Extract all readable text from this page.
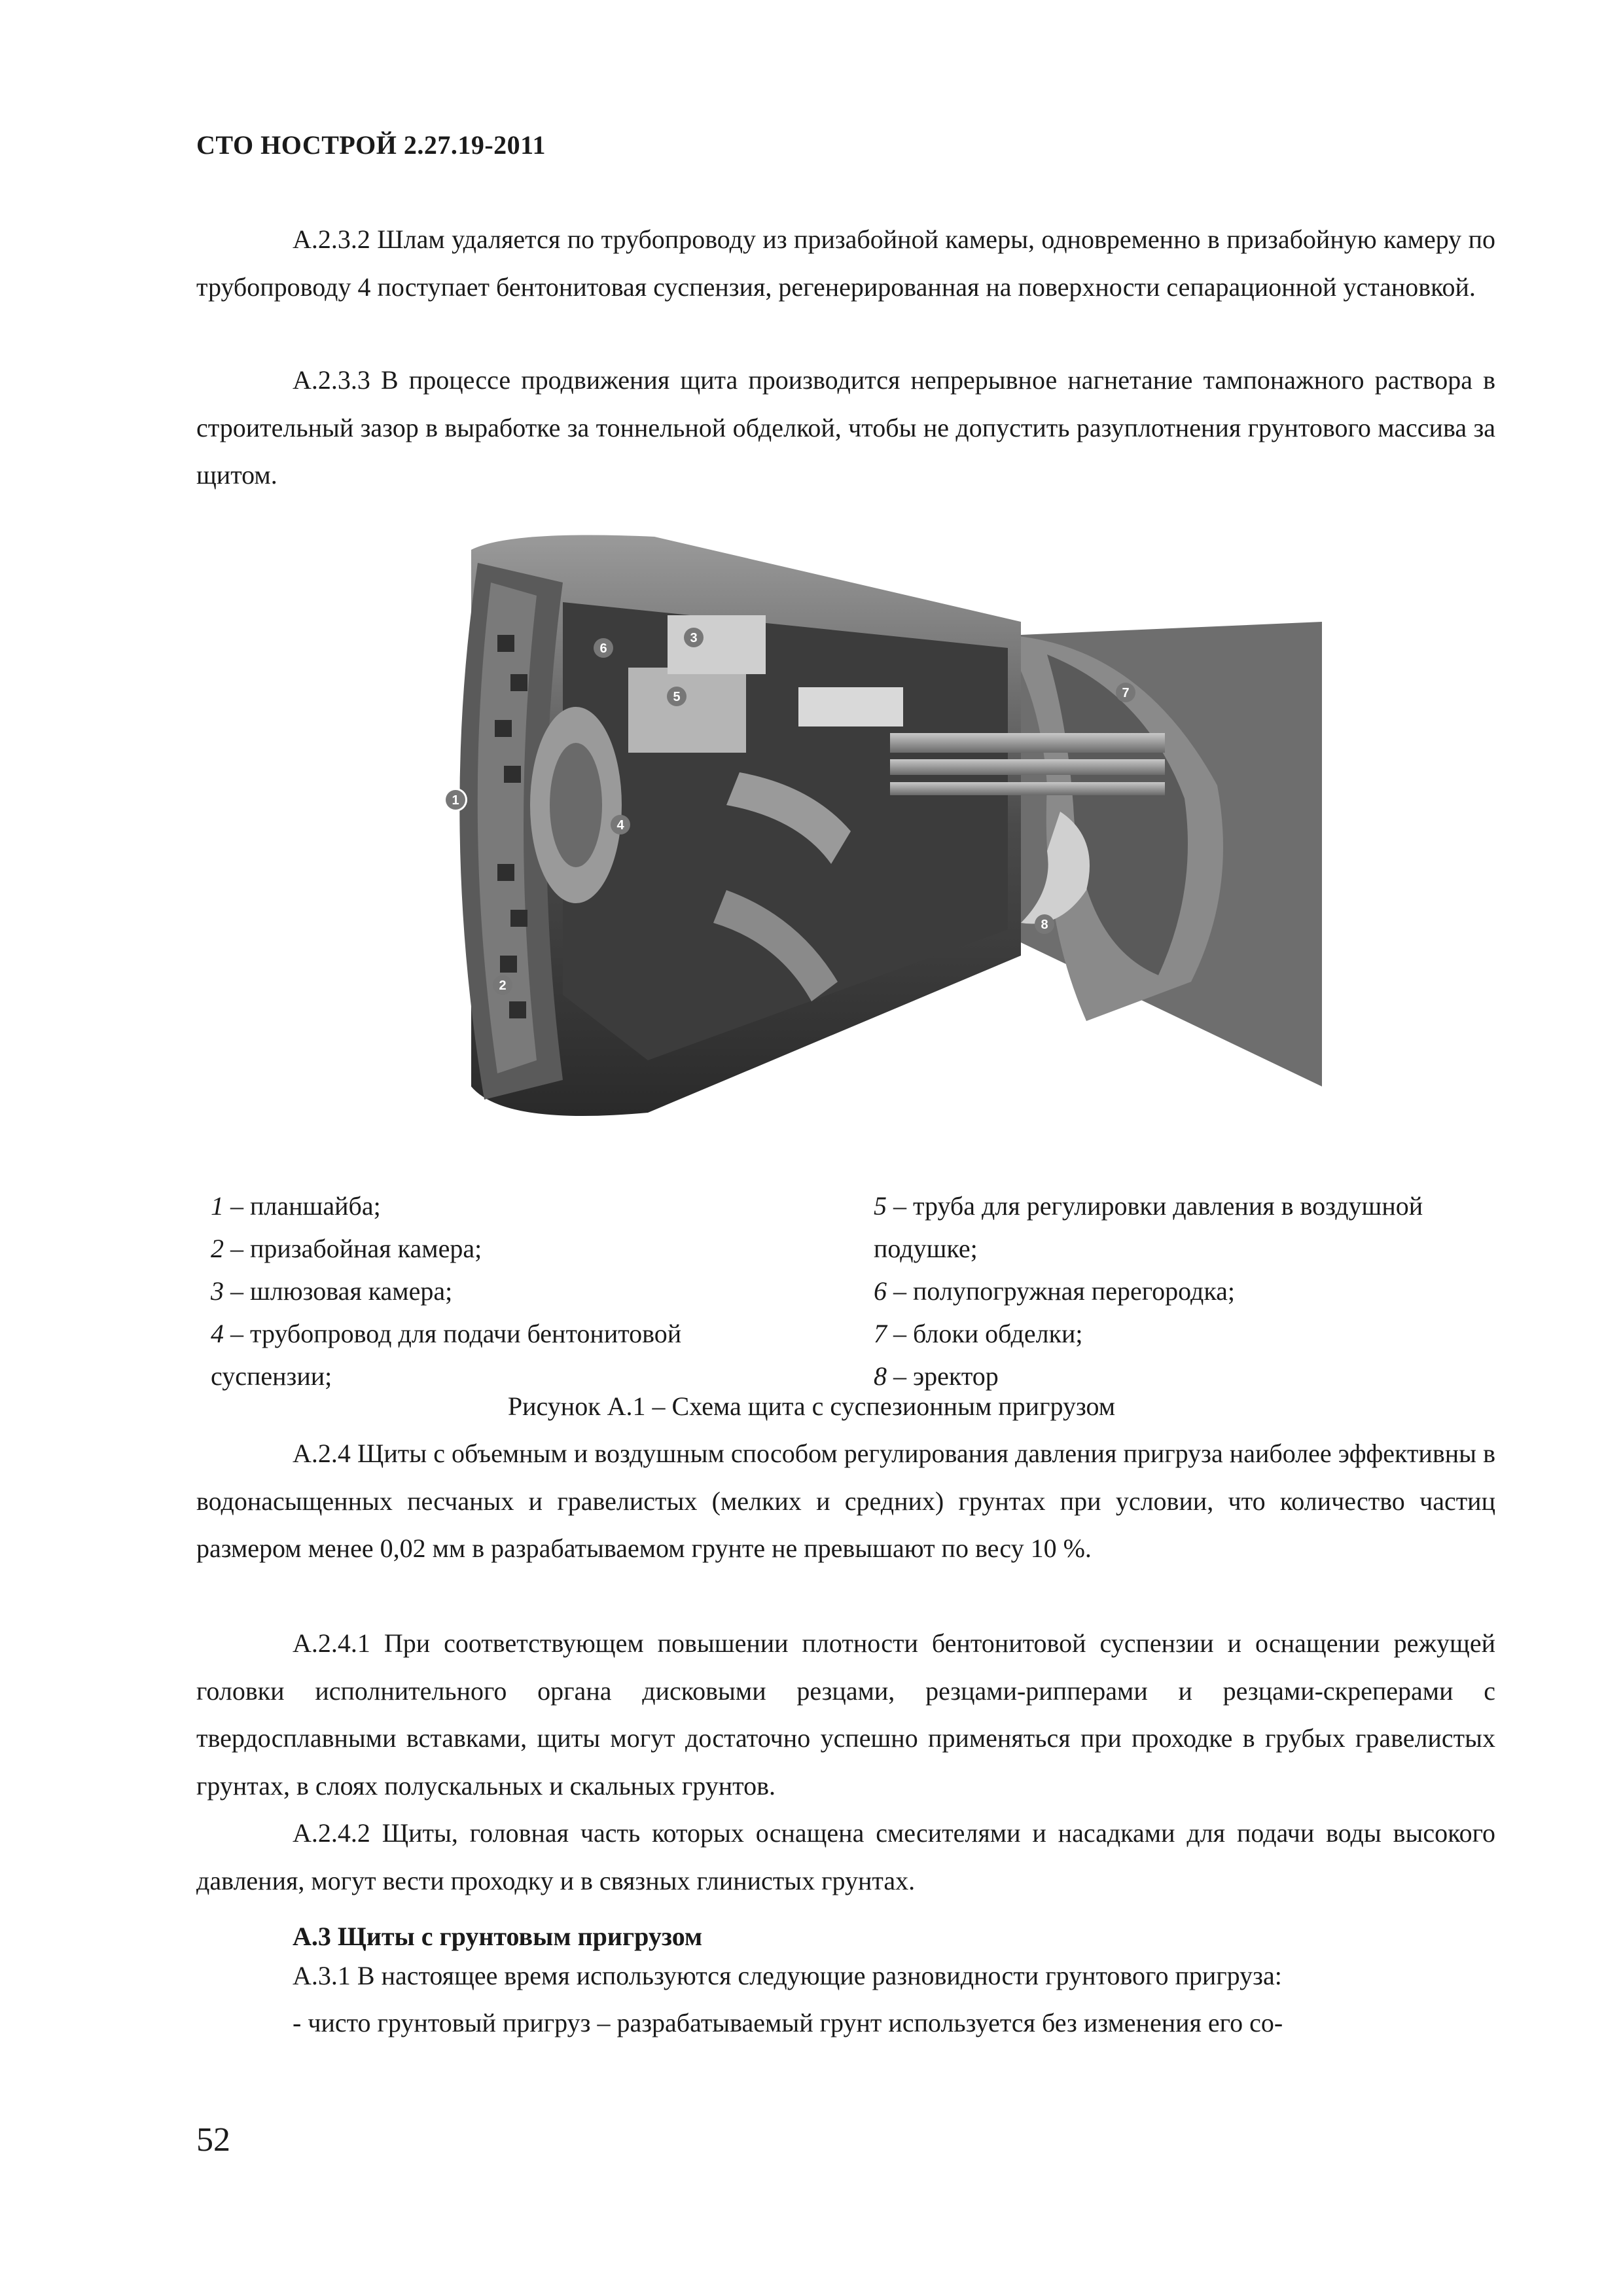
СТО НОСТРОЙ 2.27.19-2011

А.2.3.2 Шлам удаляется по трубопроводу из призабойной камеры, одновременно в призабойную камеру по трубопроводу 4 поступает бентонитовая суспензия, регенерированная на поверхности сепарационной установкой.

А.2.3.3 В процессе продвижения щита производится непрерывное нагнетание тампонажного раствора в строительный зазор в выработке за тоннельной обделкой, чтобы не допустить разуплотнения грунтового массива за щитом.

1
2
3
4
5
6
7
8
1 – планшайба;
2 – призабойная камера;
3 – шлюзовая камера;
4 – трубопровод для подачи бентонитовой
суспензии;
5 – труба для регулировки давления в воздушной
подушке;
6 – полупогружная перегородка;
7 – блоки обделки;
8 – эректор
Рисунок А.1 – Схема щита с суспезионным пригрузом

А.2.4 Щиты с объемным и воздушным способом регулирования давления пригруза наиболее эффективны в водонасыщенных песчаных и гравелистых (мелких и средних) грунтах при условии, что количество частиц размером менее 0,02 мм в разрабатываемом грунте не превышают по весу 10 %.

А.2.4.1 При соответствующем повышении плотности бентонитовой суспензии и оснащении режущей головки исполнительного органа дисковыми резцами, резцами-рипперами и резцами-скреперами с твердосплавными вставками, щиты могут достаточно успешно применяться при проходке в грубых гравелистых грунтах, в слоях полускальных и скальных грунтов.

А.2.4.2 Щиты, головная часть которых оснащена смесителями и насадками для подачи воды высокого давления, могут вести проходку и в связных глинистых грунтах.

А.3 Щиты с грунтовым пригрузом

А.3.1 В настоящее время используются следующие разновидности грунтового пригруза:

- чисто грунтовый пригруз – разрабатываемый грунт используется без изменения его со-

52
